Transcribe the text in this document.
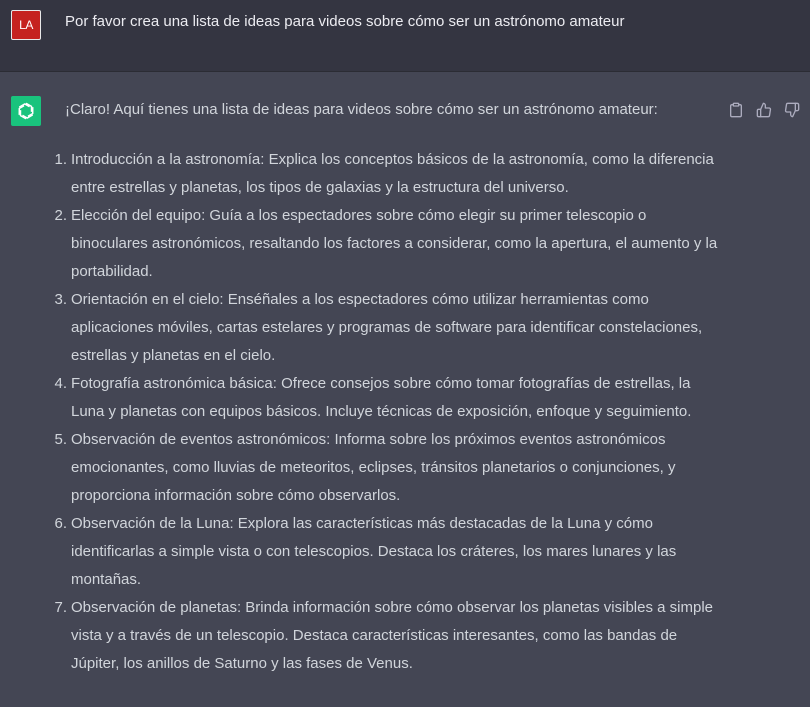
LA	Por favor crea una lista de ideas para videos sobre cómo ser un astrónomo amateur
¡Claro! Aquí tienes una lista de ideas para videos sobre cómo ser un astrónomo amateur:
1. Introducción a la astronomía: Explica los conceptos básicos de la astronomía, como la diferencia entre estrellas y planetas, los tipos de galaxias y la estructura del universo.
2. Elección del equipo: Guía a los espectadores sobre cómo elegir su primer telescopio o binoculares astronómicos, resaltando los factores a considerar, como la apertura, el aumento y la portabilidad.
3. Orientación en el cielo: Enséñales a los espectadores cómo utilizar herramientas como aplicaciones móviles, cartas estelares y programas de software para identificar constelaciones, estrellas y planetas en el cielo.
4. Fotografía astronómica básica: Ofrece consejos sobre cómo tomar fotografías de estrellas, la Luna y planetas con equipos básicos. Incluye técnicas de exposición, enfoque y seguimiento.
5. Observación de eventos astronómicos: Informa sobre los próximos eventos astronómicos emocionantes, como lluvias de meteoritos, eclipses, tránsitos planetarios o conjunciones, y proporciona información sobre cómo observarlos.
6. Observación de la Luna: Explora las características más destacadas de la Luna y cómo identificarlas a simple vista o con telescopios. Destaca los cráteres, los mares lunares y las montañas.
7. Observación de planetas: Brinda información sobre cómo observar los planetas visibles a simple vista y a través de un telescopio. Destaca características interesantes, como las bandas de Júpiter, los anillos de Saturno y las fases de Venus.
